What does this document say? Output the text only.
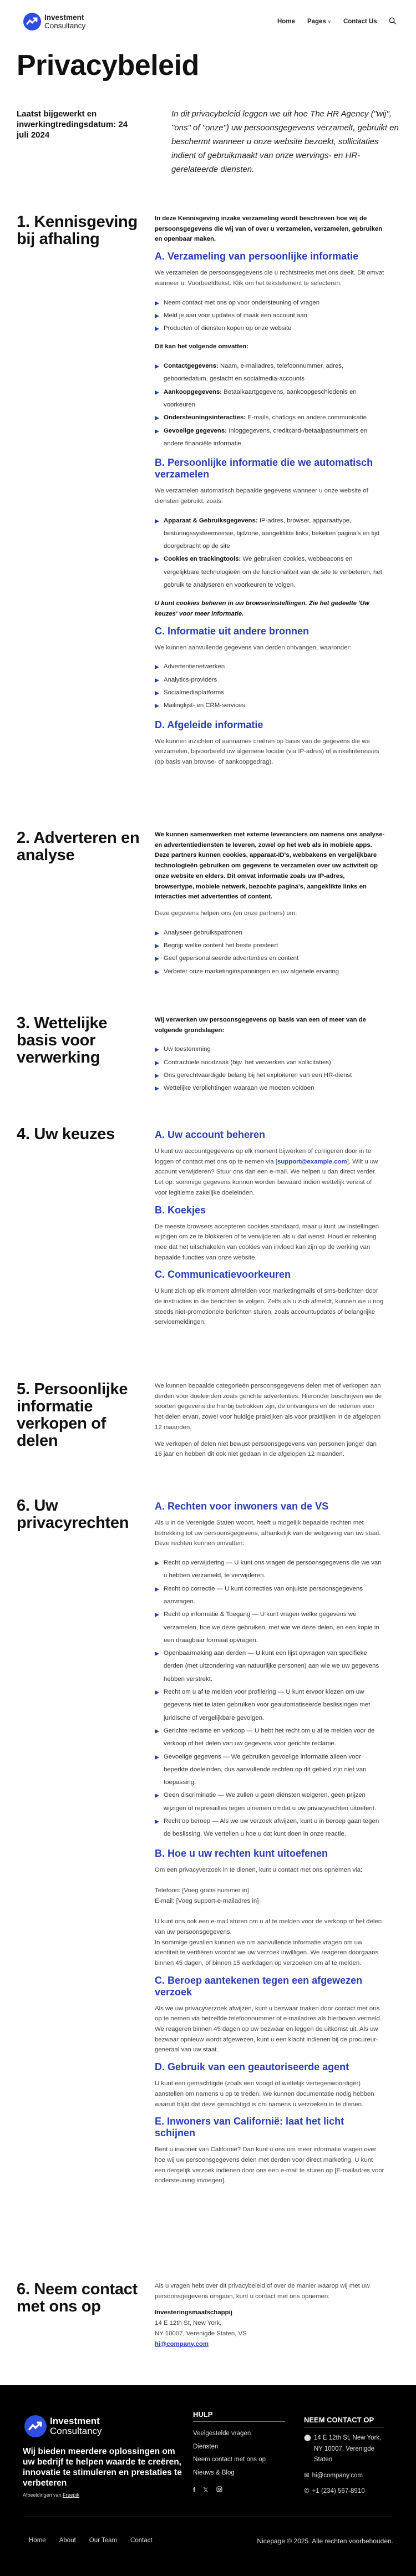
Investment
Consultancy	Home Pages ∨ Contact Us
Privacybeleid
Laatst bijgewerkt en inwerkingtredingsdatum: 24 juli 2024
In dit privacybeleid leggen we uit hoe The HR Agency ("wij", "ons" of "onze") uw persoonsgegevens verzamelt, gebruikt en beschermt wanneer u onze website bezoekt, sollicitaties indient of gebruikmaakt van onze wervings- en HR-gerelateerde diensten.
1. Kennisgeving bij afhaling

In deze Kennisgeving inzake verzameling wordt beschreven hoe wij de persoonsgegevens die wij van of over u verzamelen, verzamelen, gebruiken en openbaar maken.

A. Verzameling van persoonlijke informatie

We verzamelen de persoonsgegevens die u rechtstreeks met ons deelt. Dit omvat wanneer u: Voorbeeldtekst. Klik om het tekstelement te selecteren.

Neem contact met ons op voor ondersteuning of vragen
Meld je aan voor updates of maak een account aan
Producten of diensten kopen op onze website

Dit kan het volgende omvatten:

Contactgegevens: Naam, e-mailadres, telefoonnummer, adres, geboortedatum, geslacht en socialmedia-accounts
Aankoopgegevens: Betaalkaartgegevens, aankoopgeschiedenis en voorkeuren
Ondersteuningsinteracties: E-mails, chatlogs en andere communicatie
Gevoelige gegevens: Inloggegevens, creditcard-/betaalpasnummers en andere financiële informatie
B. Persoonlijke informatie die we automatisch verzamelen

We verzamelen automatisch bepaalde gegevens wanneer u onze website of diensten gebruikt, zoals:

Apparaat & Gebruiksgegevens: IP-adres, browser, apparaattype, besturingssysteemversie, tijdzone, aangeklikte links, bekeken pagina's en tijd doorgebracht op de site
Cookies en trackingtools: We gebruiken cookies, webbeacons en vergelijkbare technologieën om de functionaliteit van de site te verbeteren, het gebruik te analyseren en voorkeuren te volgen.

U kunt cookies beheren in uw browserinstellingen. Zie het gedeelte 'Uw keuzes' voor meer informatie.

C. Informatie uit andere bronnen

We kunnen aanvullende gegevens van derden ontvangen, waaronder:

Advertentienetwerken
Analytics-providers
Socialmediaplatforms
Mailinglijst- en CRM-services
D. Afgeleide informatie

We kunnen inzichten of aannames creëren op basis van de gegevens die we verzamelen, bijvoorbeeld uw algemene locatie (via IP-adres) of winkelinteresses (op basis van browse- of aankoopgedrag).

2. Adverteren en analyse

We kunnen samenwerken met externe leveranciers om namens ons analyse- en advertentiediensten te leveren, zowel op het web als in mobiele apps. Deze partners kunnen cookies, apparaat-ID's, webbakens en vergelijkbare technologieën gebruiken om gegevens te verzamelen over uw activiteit op onze website en elders. Dit omvat informatie zoals uw IP-adres, browsertype, mobiele netwerk, bezochte pagina's, aangeklikte links en interacties met advertenties of content.

Deze gegevens helpen ons (en onze partners) om:

Analyseer gebruikspatronen
Begrijp welke content het beste presteert
Geef gepersonaliseerde advertenties en content
Verbeter onze marketinginspanningen en uw algehele ervaring
3. Wettelijke basis voor verwerking

Wij verwerken uw persoonsgegevens op basis van een of meer van de volgende grondslagen:

Uw toestemming
Contractuele noodzaak (bijv. het verwerken van sollicitaties)
Ons gerechtvaardigde belang bij het exploiteren van een HR-dienst
Wettelijke verplichtingen waaraan we moeten voldoen
4. Uw keuzes	A. Uw account beheren

U kunt uw accountgegevens op elk moment bijwerken of corrigeren door in te loggen of contact met ons op te nemen via [support@example.com]. Wilt u uw account verwijderen? Stuur ons dan een e-mail. We helpen u dan direct verder.

Let op: sommige gegevens kunnen worden bewaard indien wettelijk vereist of voor legitieme zakelijke doeleinden.

B. Koekjes

De meeste browsers accepteren cookies standaard, maar u kunt uw instellingen wijzigen om ze te blokkeren of te verwijderen als u dat wenst. Houd er rekening mee dat het uitschakelen van cookies van invloed kan zijn op de werking van bepaalde functies van onze website.

C. Communicatievoorkeuren

U kunt zich op elk moment afmelden voor marketingmails of sms-berichten door de instructies in die berichten te volgen. Zelfs als u zich afmeldt, kunnen we u nog steeds niet-promotionele berichten sturen, zoals accountupdates of belangrijke servicemeldingen.

5. Persoonlijke informatie verkopen of delen

We kunnen bepaalde categorieën persoonsgegevens delen met of verkopen aan derden voor doeleinden zoals gerichte advertenties. Hieronder beschrijven we de soorten gegevens die hierbij betrokken zijn, de ontvangers en de redenen voor het delen ervan, zowel voor huidige praktijken als voor praktijken in de afgelopen 12 maanden.

We verkopen of delen niet bewust persoonsgegevens van personen jonger dan 16 jaar en hebben dit ook niet gedaan in de afgelopen 12 maanden.

6. Uw privacyrechten
A. Rechten voor inwoners van de VS

Als u in de Verenigde Staten woont, heeft u mogelijk bepaalde rechten met betrekking tot uw persoonsgegevens, afhankelijk van de wetgeving van uw staat. Deze rechten kunnen omvatten:

Recht op verwijdering — U kunt ons vragen de persoonsgegevens die we van u hebben verzameld, te verwijderen.
Recht op correctie — U kunt correcties van onjuiste persoonsgegevens aanvragen.
Recht op informatie & Toegang — U kunt vragen welke gegevens we verzamelen, hoe we deze gebruiken, met wie we deze delen, en een kopie in een draagbaar formaat opvragen.
Openbaarmaking aan derden — U kunt een lijst opvragen van specifieke derden (met uitzondering van natuurlijke personen) aan wie we uw gegevens hebben verstrekt.
Recht om u af te melden voor profilering — U kunt ervoor kiezen om uw gegevens niet te laten gebruiken voor geautomatiseerde beslissingen met juridische of vergelijkbare gevolgen.
Gerichte reclame en verkoop — U hebt het recht om u af te melden voor de verkoop of het delen van uw gegevens voor gerichte reclame.
Gevoelige gegevens — We gebruiken gevoelige informatie alleen voor beperkte doeleinden, dus aanvullende rechten op dit gebied zijn niet van toepassing.
Geen discriminatie — We zullen u geen diensten weigeren, geen prijzen wijzigen of represailles tegen u nemen omdat u uw privacyrechten uitoefent.
Recht op beroep — Als we uw verzoek afwijzen, kunt u in beroep gaan tegen de beslissing. We vertellen u hoe u dat kunt doen in onze reactie.
B. Hoe u uw rechten kunt uitoefenen
Om een privacyverzoek in te dienen, kunt u contact met ons opnemen via:
Telefoon: [Voeg gratis nummer in]
E-mail: [Voeg support-e-mailadres in]
U kunt ons ook een e-mail sturen om u af te melden voor de verkoop of het delen van uw persoonsgegevens.
In sommige gevallen kunnen we om aanvullende informatie vragen om uw identiteit te verifiëren voordat we uw verzoek inwilligen. We reageren doorgaans binnen 45 dagen, of binnen 15 werkdagen op verzoeken om af te melden.
C. Beroep aantekenen tegen een afgewezen verzoek

Als we uw privacyverzoek afwijzen, kunt u bezwaar maken door contact met ons op te nemen via hetzelfde telefoonnummer of e-mailadres als hierboven vermeld. We reageren binnen 45 dagen op uw bezwaar en leggen de uitkomst uit. Als uw bezwaar opnieuw wordt afgewezen, kunt u een klacht indienen bij de procureur-generaal van uw staat.

D. Gebruik van een geautoriseerde agent

U kunt een gemachtigde (zoals een voogd of wettelijk vertegenwoordiger) aanstellen om namens u op te treden. We kunnen documentatie nodig hebben waaruit blijkt dat deze gemachtigd is om namens u verzoeken in te dienen.

E. Inwoners van Californië: laat het licht schijnen

Bent u inwoner van Californië? Dan kunt u ons om meer informatie vragen over hoe wij uw persoonsgegevens delen met derden voor direct marketing. U kunt een dergelijk verzoek indienen door ons een e-mail te sturen op [E-mailadres voor ondersteuning invoegen].

6. Neem contact met ons op

Als u vragen hebt over dit privacybeleid of over de manier waarop wij met uw persoonsgegevens omgaan, kunt u contact met ons opnemen:

Investeringsmaatschappij
14 E 12th St, New York,
NY 10007, Verenigde Staten, VS
hi@company.com
Investment
Consultancy
Wij bieden meerdere oplossingen om uw bedrijf te helpen waarde te creëren, innovatie te stimuleren en prestaties te verbeteren
Afbeeldingen van Freepik
HULP
Veelgestelde vragen
Diensten
Neem contact met ons op
Nieuws & Blog
f 𝕏
NEEM CONTACT OP
⬤ 14 E 12th St, New York, NY 10007, Verenigde Staten
✉ hi@company.com
✆ +1 (234) 567-8910
Home About Our Team Contact	Nicepage © 2025. Alle rechten voorbehouden.
